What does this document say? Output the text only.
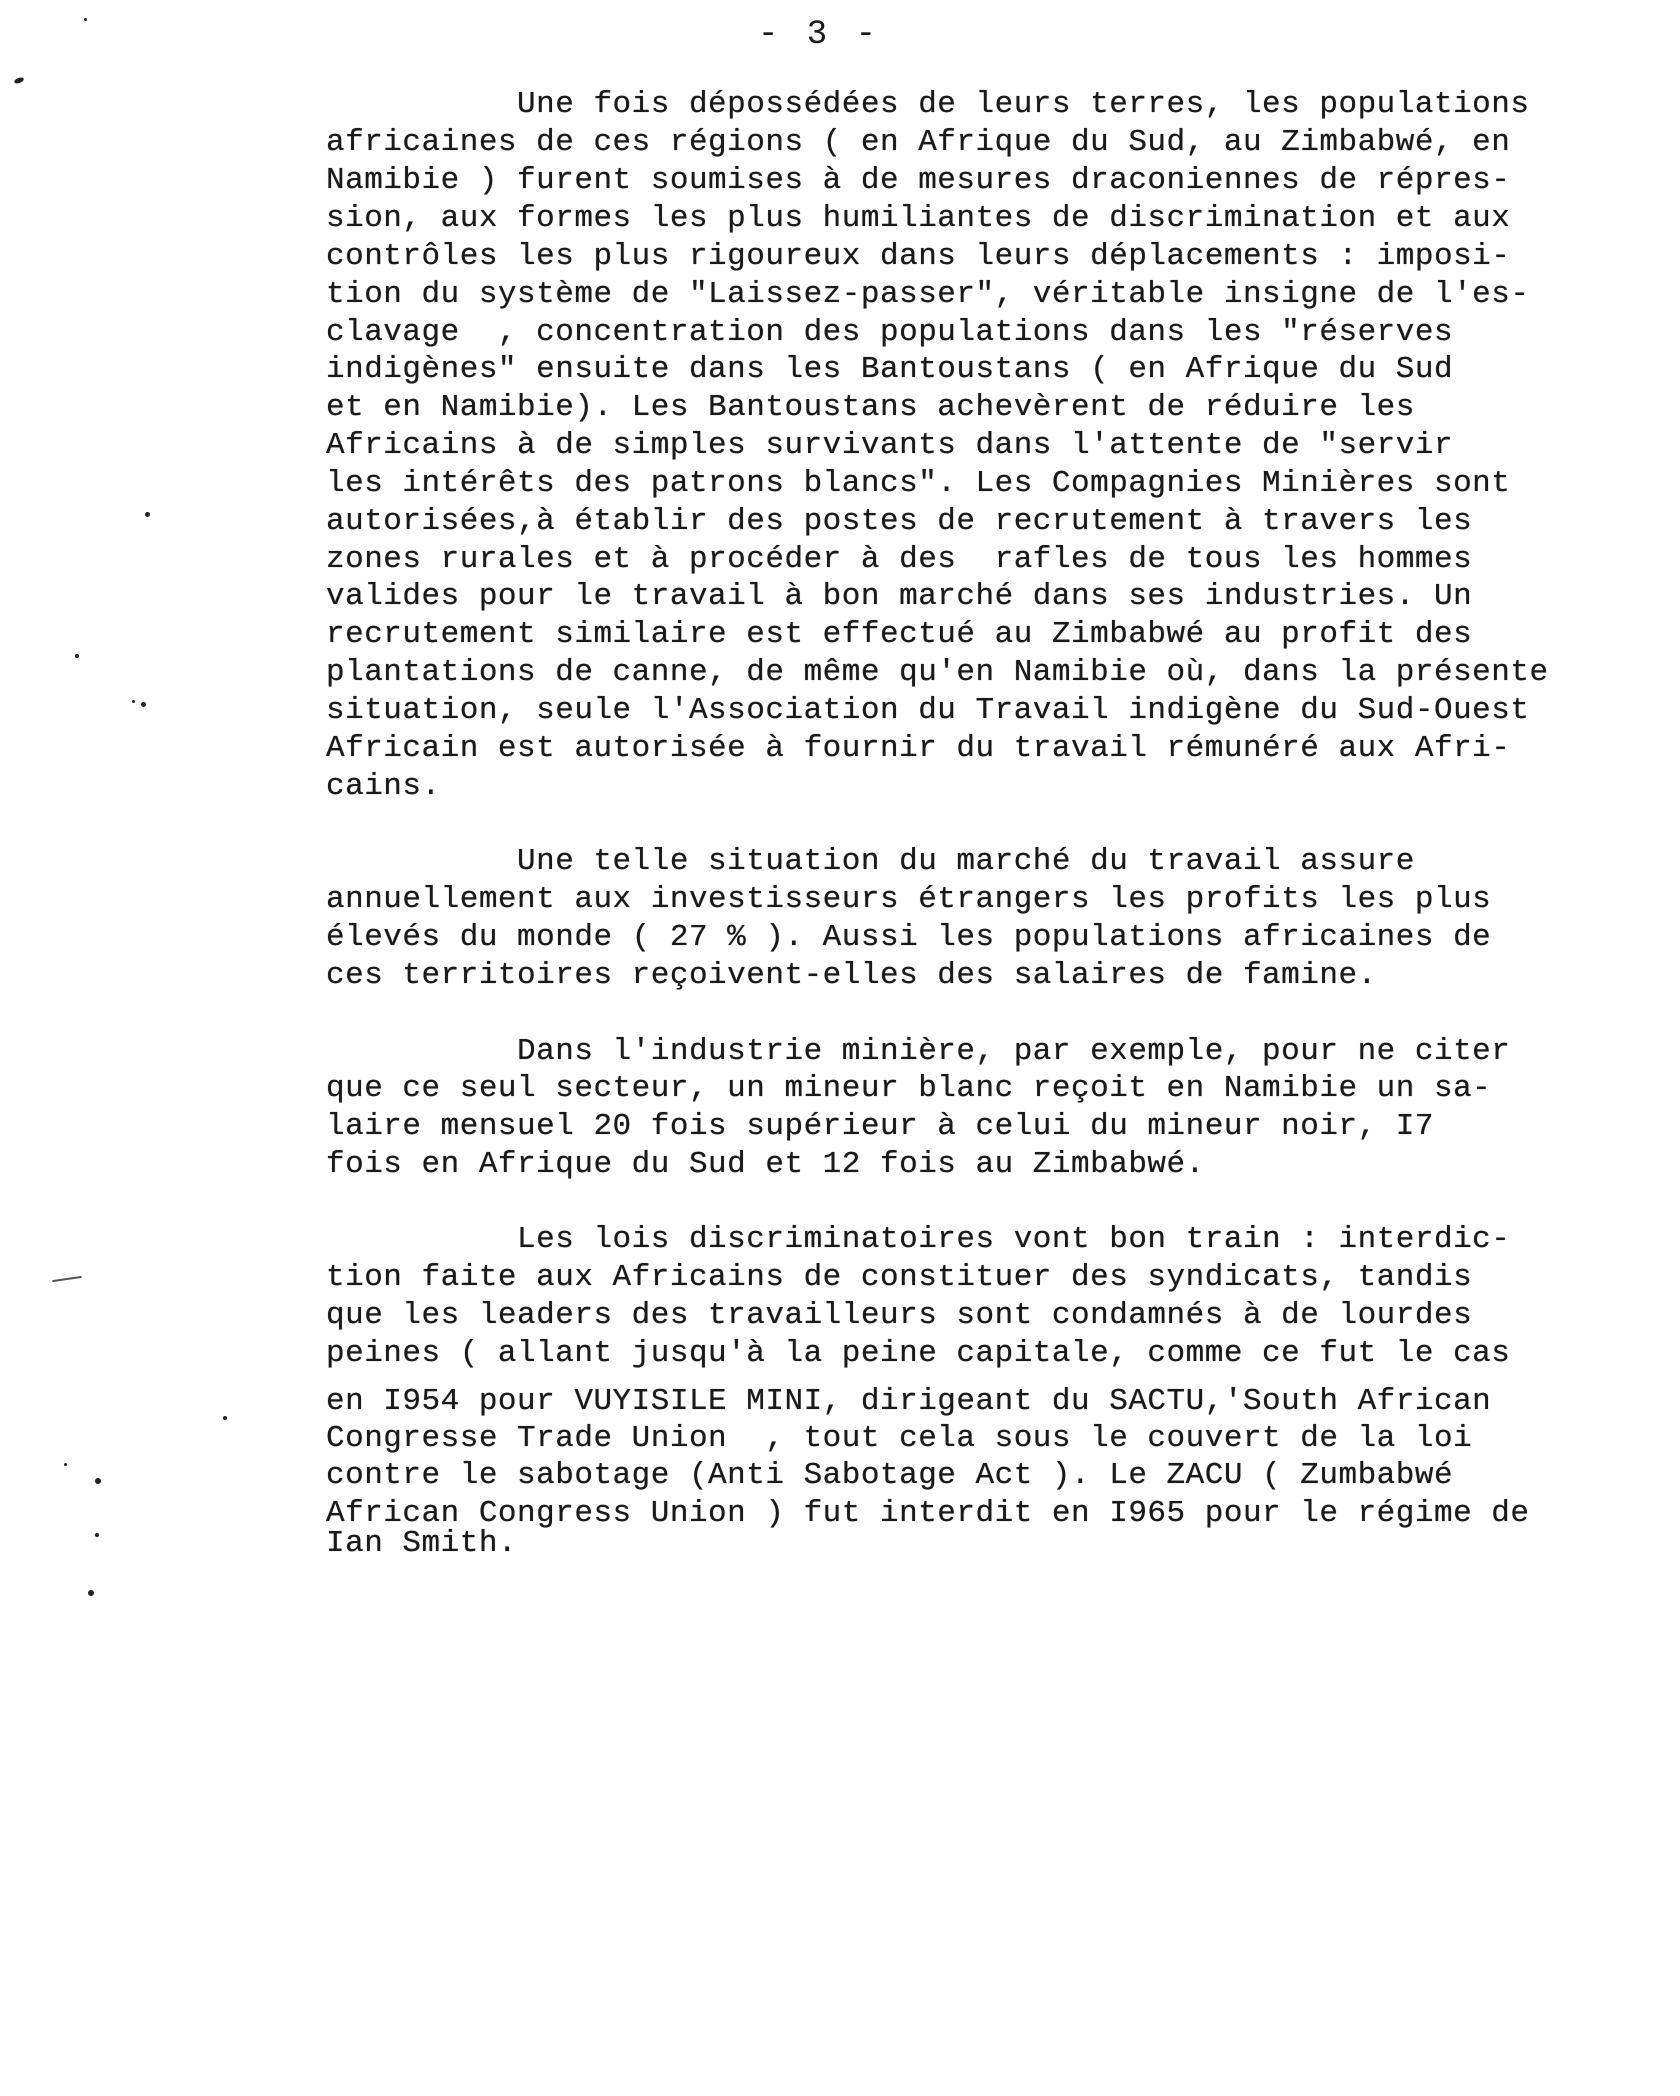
- 3 -
Une fois dépossédées de leurs terres, les populations
africaines de ces régions ( en Afrique du Sud, au Zimbabwé, en
Namibie ) furent soumises à de mesures draconiennes de répres-
sion, aux formes les plus humiliantes de discrimination et aux
contrôles les plus rigoureux dans leurs déplacements : imposi-
tion du système de "Laissez-passer", véritable insigne de l'es-
clavage  , concentration des populations dans les "réserves
indigènes" ensuite dans les Bantoustans ( en Afrique du Sud
et en Namibie). Les Bantoustans achevèrent de réduire les
Africains à de simples survivants dans l'attente de "servir
les intérêts des patrons blancs". Les Compagnies Minières sont
autorisées,à établir des postes de recrutement à travers les
zones rurales et à procéder à des  rafles de tous les hommes
valides pour le travail à bon marché dans ses industries. Un
recrutement similaire est effectué au Zimbabwé au profit des
plantations de canne, de même qu'en Namibie où, dans la présente
situation, seule l'Association du Travail indigène du Sud-Ouest
Africain est autorisée à fournir du travail rémunéré aux Afri-
cains.
Une telle situation du marché du travail assure
annuellement aux investisseurs étrangers les profits les plus
élevés du monde ( 27 % ). Aussi les populations africaines de
ces territoires reçoivent-elles des salaires de famine.
Dans l'industrie minière, par exemple, pour ne citer
que ce seul secteur, un mineur blanc reçoit en Namibie un sa-
laire mensuel 20 fois supérieur à celui du mineur noir, I7
fois en Afrique du Sud et 12 fois au Zimbabwé.
Les lois discriminatoires vont bon train : interdic-
tion faite aux Africains de constituer des syndicats, tandis
que les leaders des travailleurs sont condamnés à de lourdes
peines ( allant jusqu'à la peine capitale, comme ce fut le cas
en I954 pour VUYISILE MINI, dirigeant du SACTU,'South African
Congresse Trade Union  , tout cela sous le couvert de la loi
contre le sabotage (Anti Sabotage Act ). Le ZACU ( Zumbabwé
African Congress Union ) fut interdit en I965 pour le régime de
Ian Smith.
